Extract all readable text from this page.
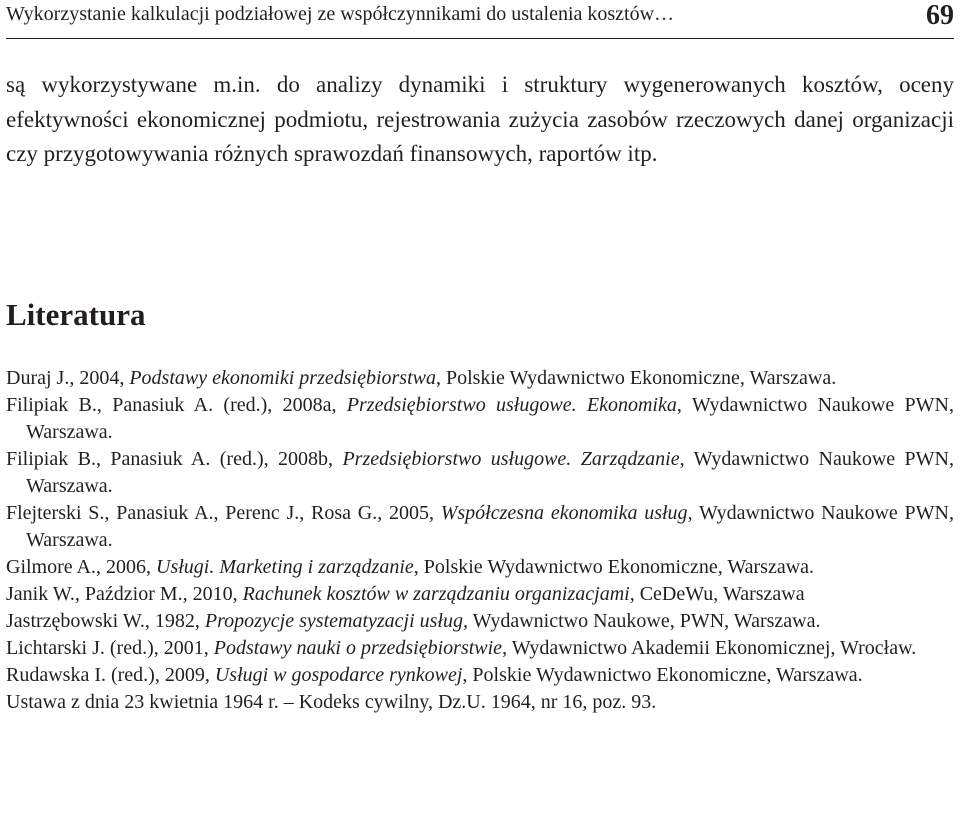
Wykorzystanie kalkulacji podziałowej ze współczynnikami do ustalenia kosztów…	69

są wykorzystywane m.in. do analizy dynamiki i struktury wygenerowanych kosztów, oceny efektywności ekonomicznej podmiotu, rejestrowania zużycia zasobów rzeczowych danej organizacji czy przygotowywania różnych sprawozdań finansowych, raportów itp.

Literatura
Duraj J., 2004, Podstawy ekonomiki przedsiębiorstwa, Polskie Wydawnictwo Ekonomiczne, Warszawa.
Filipiak B., Panasiuk A. (red.), 2008a, Przedsiębiorstwo usługowe. Ekonomika, Wydawnictwo Naukowe PWN, Warszawa.
Filipiak B., Panasiuk A. (red.), 2008b, Przedsiębiorstwo usługowe. Zarządzanie, Wydawnictwo Naukowe PWN, Warszawa.
Flejterski S., Panasiuk A., Perenc J., Rosa G., 2005, Współczesna ekonomika usług, Wydawnictwo Naukowe PWN, Warszawa.
Gilmore A., 2006, Usługi. Marketing i zarządzanie, Polskie Wydawnictwo Ekonomiczne, Warszawa.
Janik W., Paździor M., 2010, Rachunek kosztów w zarządzaniu organizacjami, CeDeWu, Warszawa
Jastrzębowski W., 1982, Propozycje systematyzacji usług, Wydawnictwo Naukowe, PWN, Warszawa.
Lichtarski J. (red.), 2001, Podstawy nauki o przedsiębiorstwie, Wydawnictwo Akademii Ekonomicznej, Wrocław.
Rudawska I. (red.), 2009, Usługi w gospodarce rynkowej, Polskie Wydawnictwo Ekonomiczne, Warszawa.
Ustawa z dnia 23 kwietnia 1964 r. – Kodeks cywilny, Dz.U. 1964, nr 16, poz. 93.
